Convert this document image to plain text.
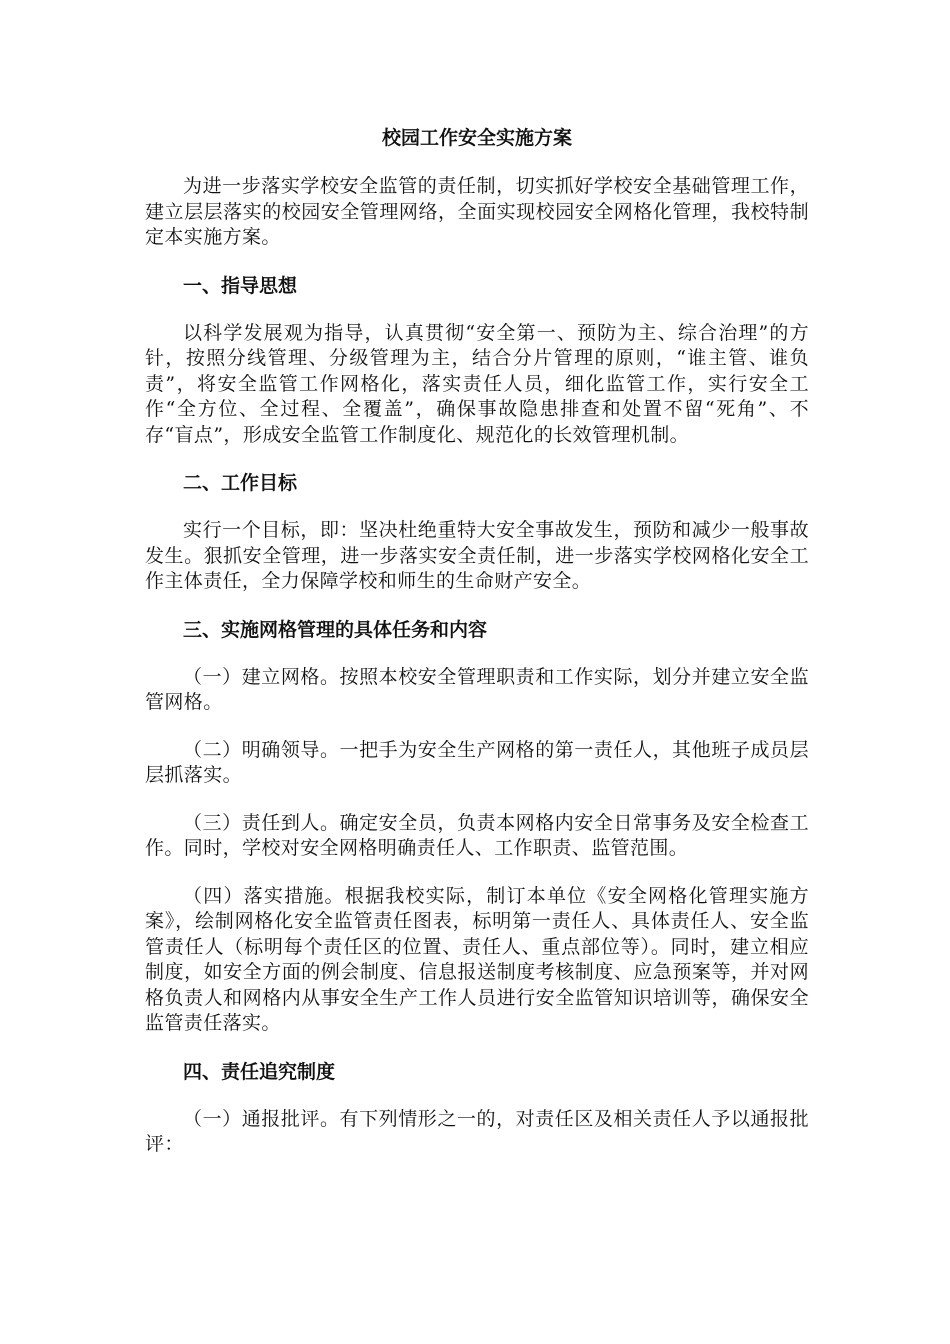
校园工作安全实施方案

为进一步落实学校安全监管的责任制，切实抓好学校安全基础管理工作，建立层层落实的校园安全管理网络，全面实现校园安全网格化管理，我校特制定本实施方案。

一、指导思想

以科学发展观为指导，认真贯彻“安全第一、预防为主、综合治理”的方针，按照分线管理、分级管理为主，结合分片管理的原则，“谁主管、谁负责”，将安全监管工作网格化，落实责任人员，细化监管工作，实行安全工作“全方位、全过程、全覆盖”，确保事故隐患排查和处置不留“死角”、不存“盲点”，形成安全监管工作制度化、规范化的长效管理机制。

二、工作目标

实行一个目标，即：坚决杜绝重特大安全事故发生，预防和减少一般事故发生。狠抓安全管理，进一步落实安全责任制，进一步落实学校网格化安全工作主体责任，全力保障学校和师生的生命财产安全。

三、实施网格管理的具体任务和内容

（一）建立网格。按照本校安全管理职责和工作实际，划分并建立安全监管网格。

（二）明确领导。一把手为安全生产网格的第一责任人，其他班子成员层层抓落实。

（三）责任到人。确定安全员，负责本网格内安全日常事务及安全检查工作。同时，学校对安全网格明确责任人、工作职责、监管范围。

（四）落实措施。根据我校实际，制订本单位《安全网格化管理实施方案》，绘制网格化安全监管责任图表，标明第一责任人、具体责任人、安全监管责任人（标明每个责任区的位置、责任人、重点部位等）。同时，建立相应制度，如安全方面的例会制度、信息报送制度考核制度、应急预案等，并对网格负责人和网格内从事安全生产工作人员进行安全监管知识培训等，确保安全监管责任落实。

四、责任追究制度

（一）通报批评。有下列情形之一的，对责任区及相关责任人予以通报批评：
